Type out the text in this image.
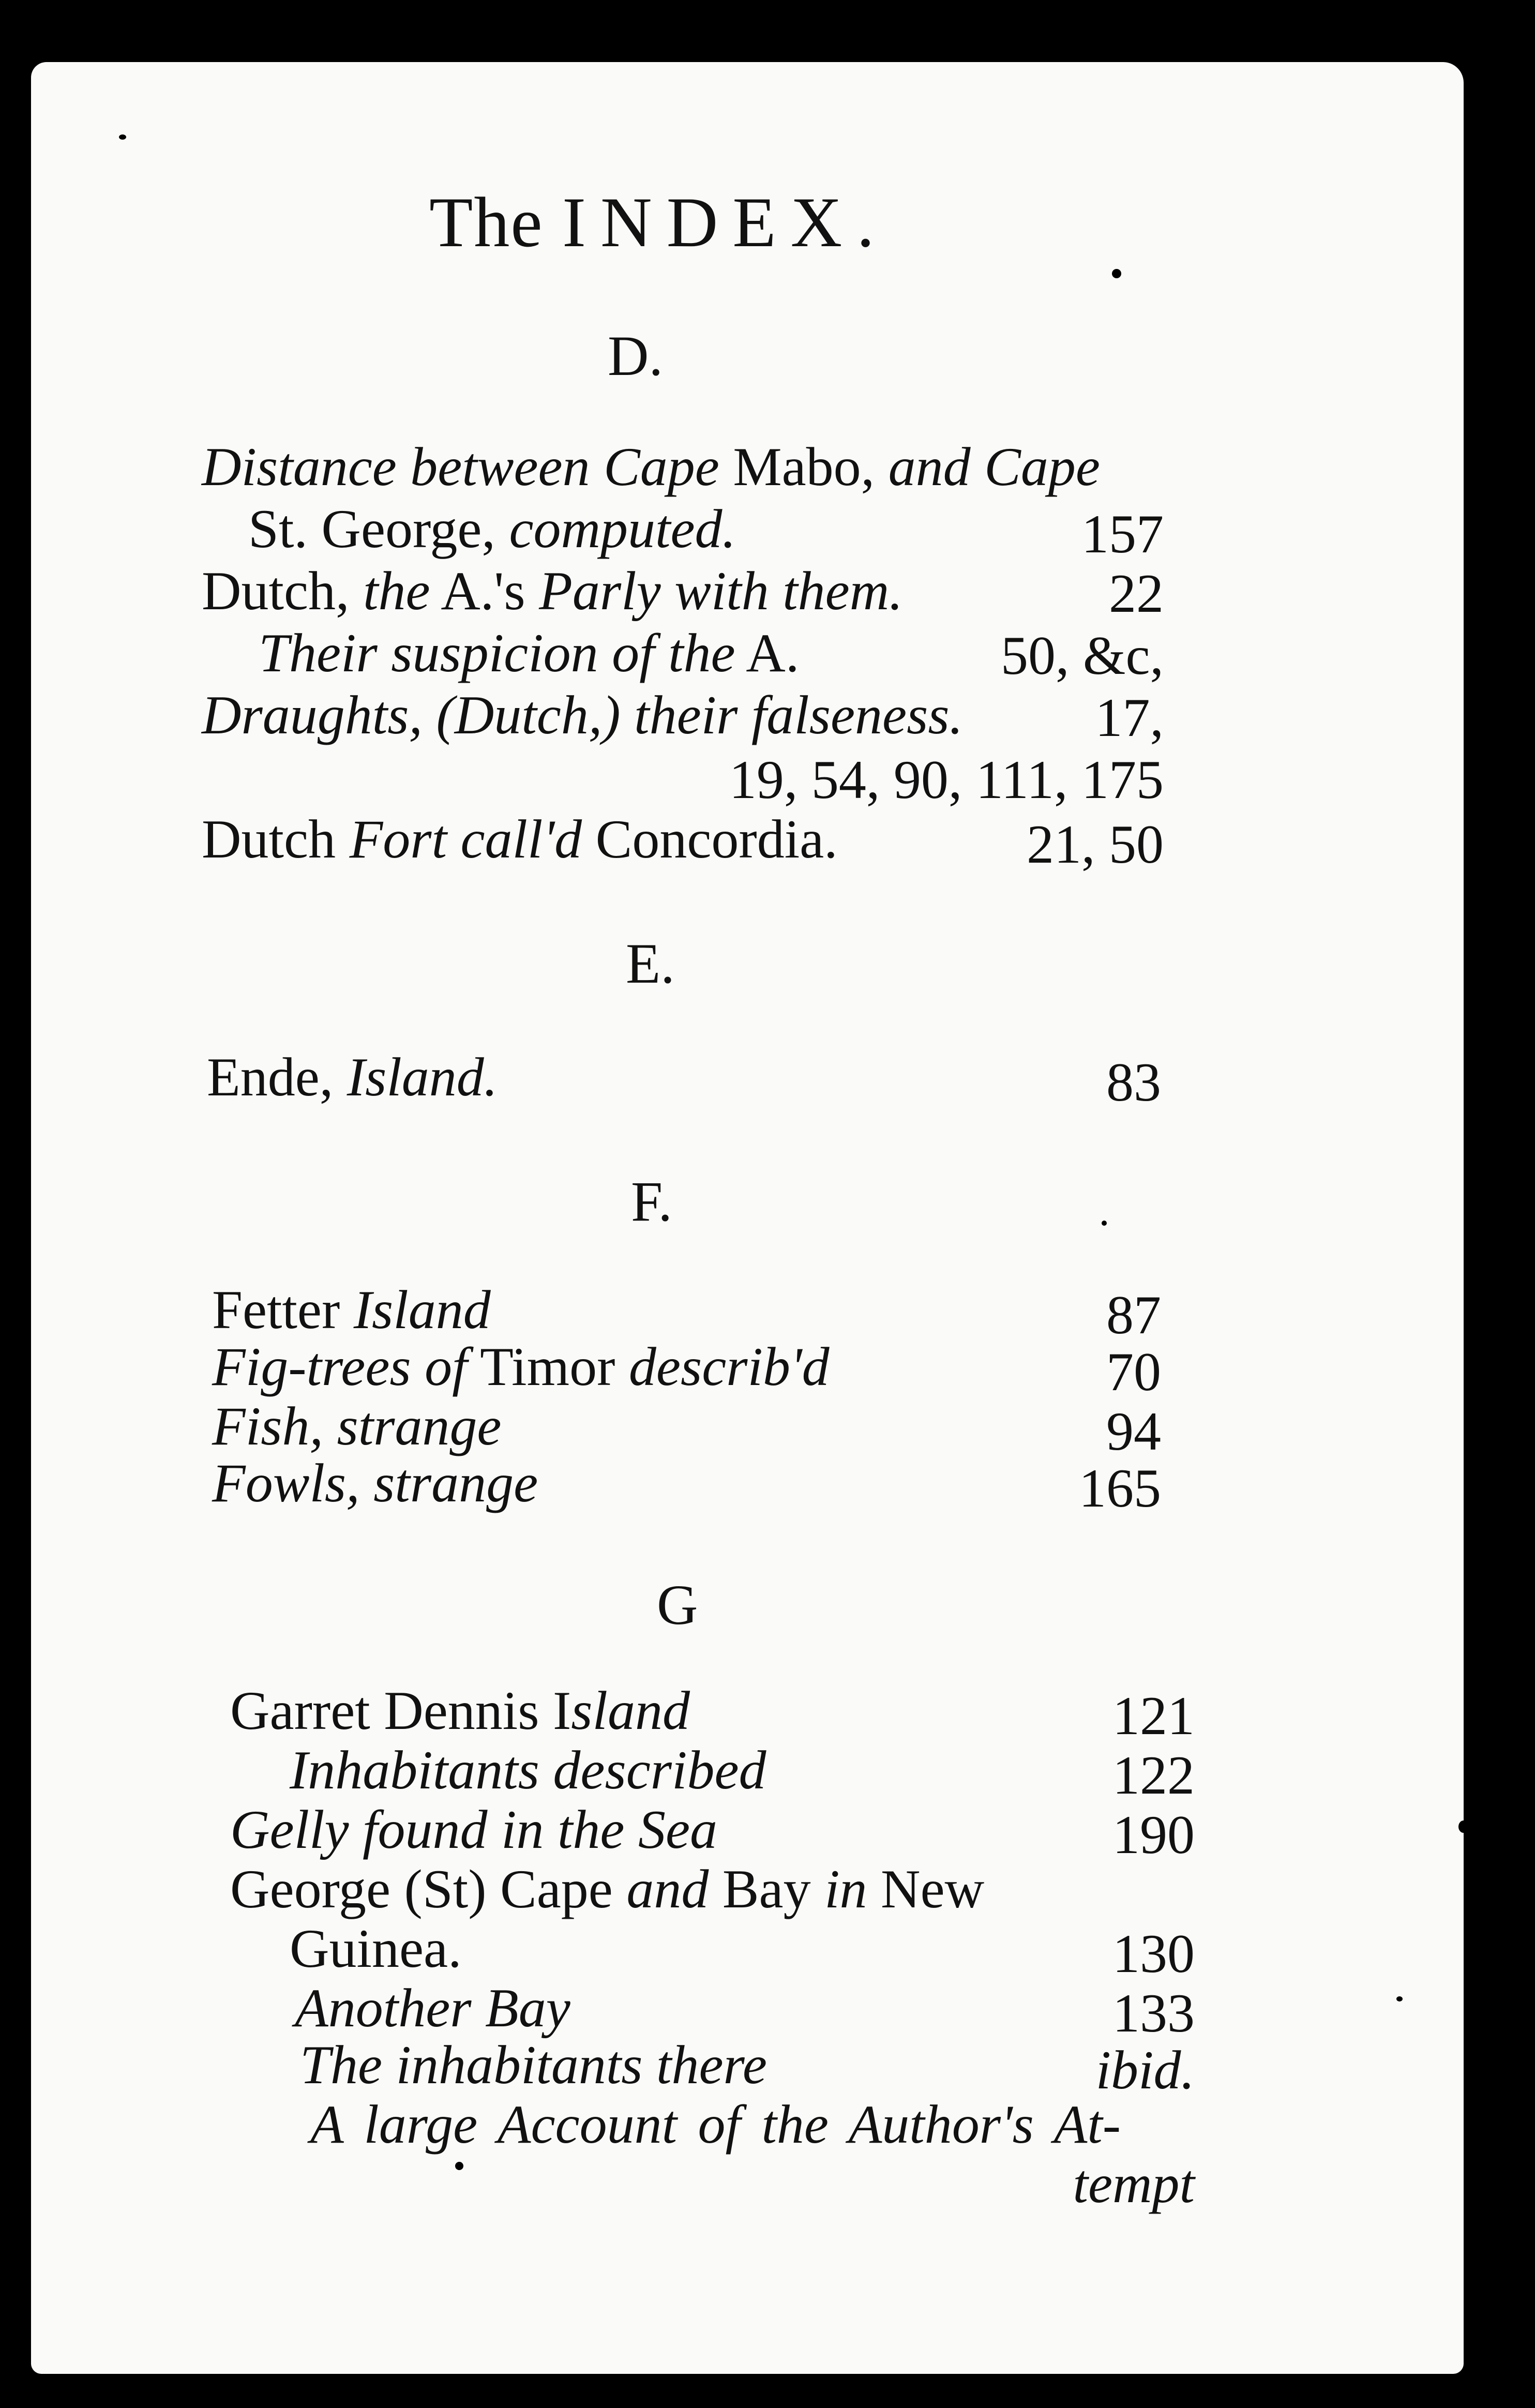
The INDEX.
D.
Distance between Cape Mabo, and Cape
St. George, computed.	157
Dutch, the A.'s Parly with them.	22
Their suspicion of the A.	50, &c,
Draughts, (Dutch,) their falseness. 17,
19, 54, 90, 111, 175
Dutch Fort call'd Concordia.	21, 50
E.
Ende, Island.	83
F.
Fetter Island	87
Fig-trees of Timor describ'd	70
Fish, strange	94
Fowls, strange	165
G
Garret Dennis Island	121
Inhabitants described	122
Gelly found in the Sea	190
George (St) Cape and Bay in New
Guinea.	130
Another Bay	133
The inhabitants there	ibid.
A large Account of the Author's At-
tempt
